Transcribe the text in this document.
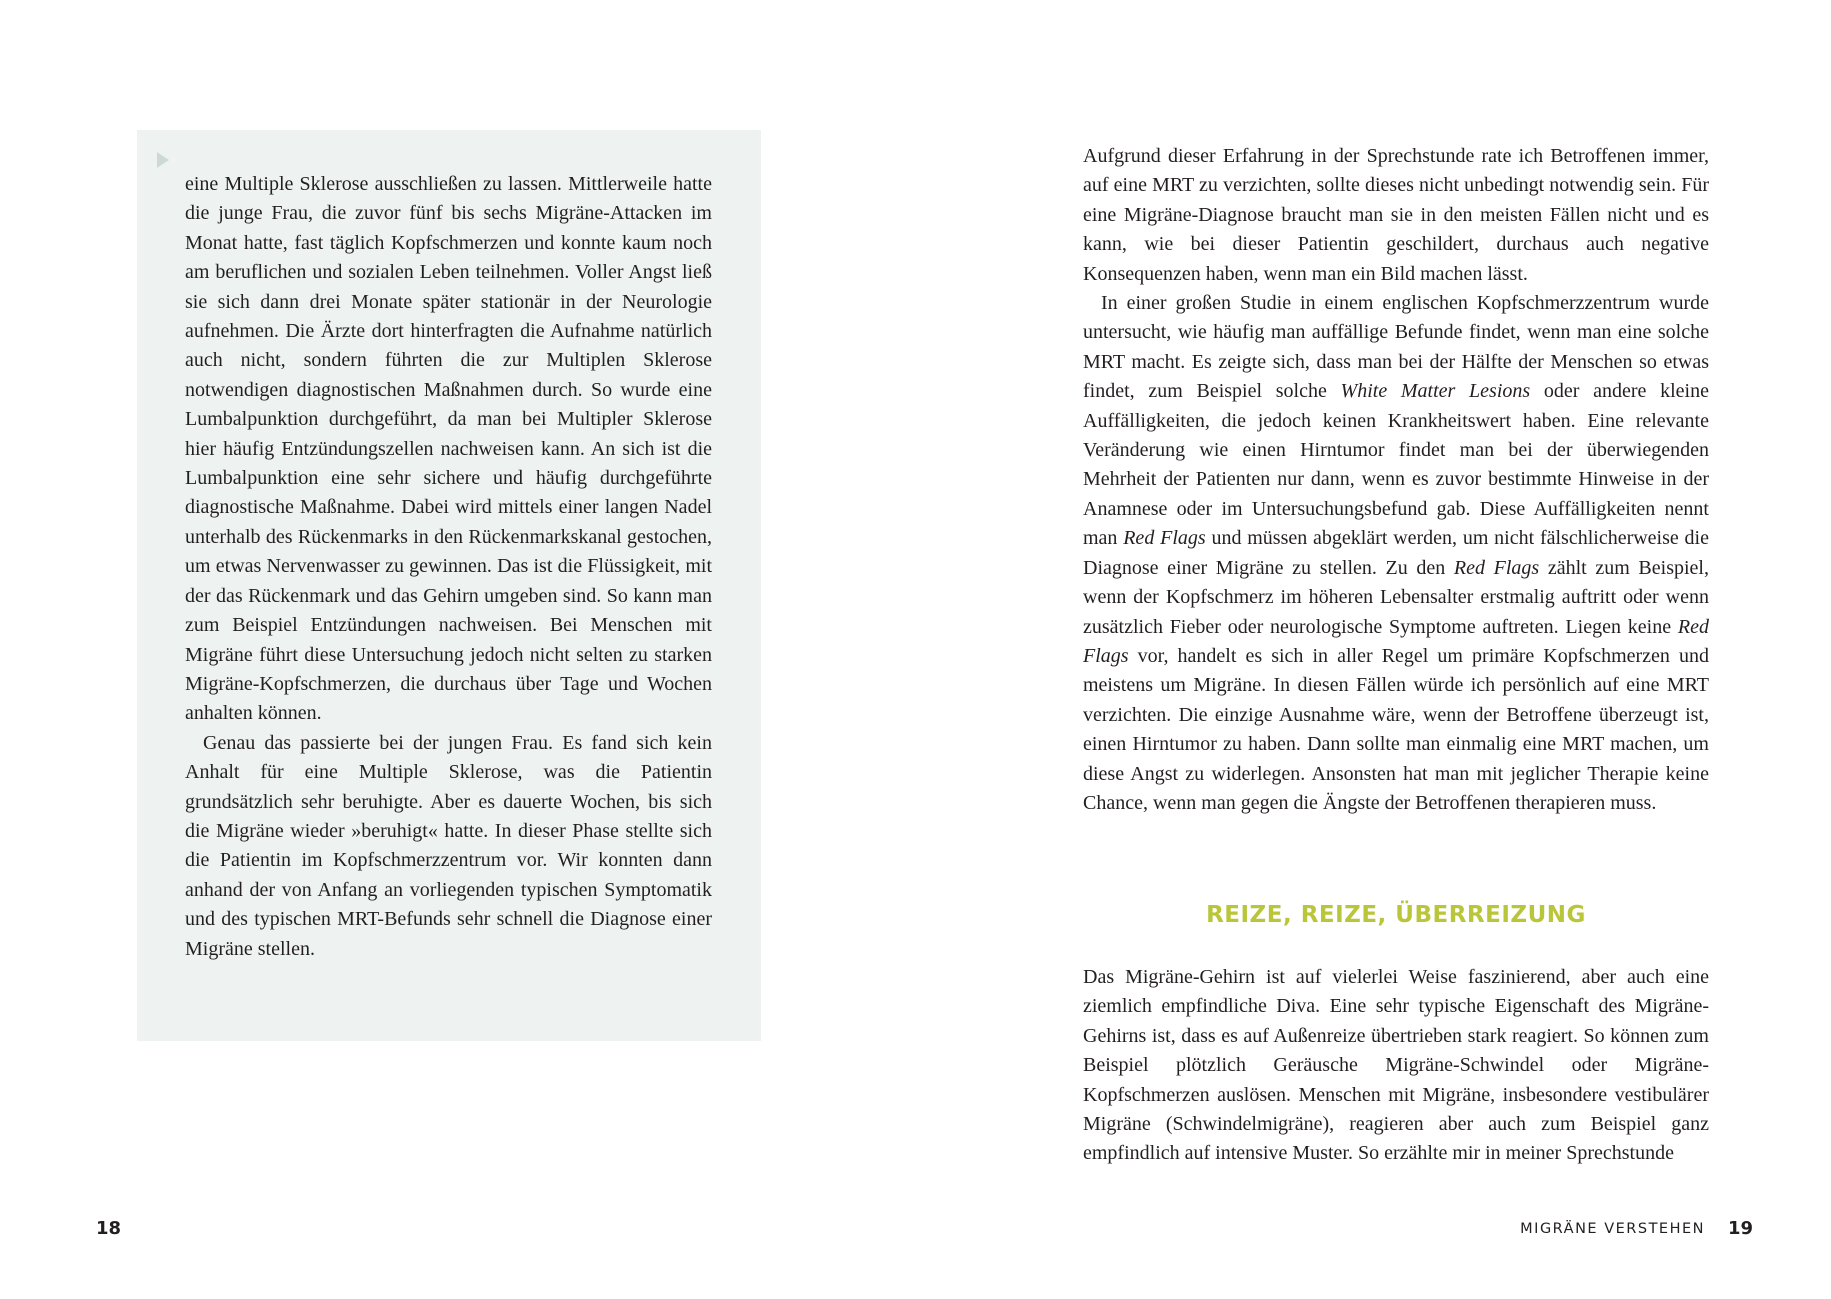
eine Multiple Sklerose ausschließen zu lassen. Mittlerweile hatte die junge Frau, die zuvor fünf bis sechs Migräne-Attacken im Monat hatte, fast täglich Kopfschmerzen und konnte kaum noch am beruflichen und sozialen Leben teilnehmen. Voller Angst ließ sie sich dann drei Monate später stationär in der Neurologie aufnehmen. Die Ärzte dort hinterfragten die Aufnahme natürlich auch nicht, sondern führten die zur Multiplen Sklerose notwendigen diagnostischen Maßnahmen durch. So wurde eine Lumbalpunktion durchgeführt, da man bei Multipler Sklerose hier häufig Entzündungszellen nachweisen kann. An sich ist die Lumbalpunktion eine sehr sichere und häufig durchgeführte diagnostische Maßnahme. Dabei wird mittels einer langen Nadel unterhalb des Rückenmarks in den Rückenmarkskanal gestochen, um etwas Nervenwasser zu gewinnen. Das ist die Flüssigkeit, mit der das Rückenmark und das Gehirn umgeben sind. So kann man zum Beispiel Entzündungen nachweisen. Bei Menschen mit Migräne führt diese Untersuchung jedoch nicht selten zu starken Migräne-Kopfschmerzen, die durchaus über Tage und Wochen anhalten können.

Genau das passierte bei der jungen Frau. Es fand sich kein Anhalt für eine Multiple Sklerose, was die Patientin grundsätzlich sehr beruhigte. Aber es dauerte Wochen, bis sich die Migräne wieder »beruhigt« hatte. In dieser Phase stellte sich die Patientin im Kopfschmerzzentrum vor. Wir konnten dann anhand der von Anfang an vorliegenden typischen Symptomatik und des typischen MRT-Befunds sehr schnell die Diagnose einer Migräne stellen.

18

Aufgrund dieser Erfahrung in der Sprechstunde rate ich Betroffenen immer, auf eine MRT zu verzichten, sollte dieses nicht unbedingt notwendig sein. Für eine Migräne-Diagnose braucht man sie in den meisten Fällen nicht und es kann, wie bei dieser Patientin geschildert, durchaus auch negative Konsequenzen haben, wenn man ein Bild machen lässt.

In einer großen Studie in einem englischen Kopfschmerzzentrum wurde untersucht, wie häufig man auffällige Befunde findet, wenn man eine solche MRT macht. Es zeigte sich, dass man bei der Hälfte der Menschen so etwas findet, zum Beispiel solche White Matter Lesions oder andere kleine Auffälligkeiten, die jedoch keinen Krankheitswert haben. Eine relevante Veränderung wie einen Hirntumor findet man bei der überwiegenden Mehrheit der Patienten nur dann, wenn es zuvor bestimmte Hinweise in der Anamnese oder im Untersuchungsbefund gab. Diese Auffälligkeiten nennt man Red Flags und müssen abgeklärt werden, um nicht fälschlicherweise die Diagnose einer Migräne zu stellen. Zu den Red Flags zählt zum Beispiel, wenn der Kopfschmerz im höheren Lebensalter erstmalig auftritt oder wenn zusätzlich Fieber oder neurologische Symptome auftreten. Liegen keine Red Flags vor, handelt es sich in aller Regel um primäre Kopfschmerzen und meistens um Migräne. In diesen Fällen würde ich persönlich auf eine MRT verzichten. Die einzige Ausnahme wäre, wenn der Betroffene überzeugt ist, einen Hirntumor zu haben. Dann sollte man einmalig eine MRT machen, um diese Angst zu widerlegen. Ansonsten hat man mit jeglicher Therapie keine Chance, wenn man gegen die Ängste der Betroffenen therapieren muss.

REIZE, REIZE, ÜBERREIZUNG

Das Migräne-Gehirn ist auf vielerlei Weise faszinierend, aber auch eine ziemlich empfindliche Diva. Eine sehr typische Eigenschaft des Migräne-Gehirns ist, dass es auf Außenreize übertrieben stark reagiert. So können zum Beispiel plötzlich Geräusche Migräne-Schwindel oder Migräne-Kopfschmerzen auslösen. Menschen mit Migräne, insbesondere vestibulärer Migräne (Schwindelmigräne), reagieren aber auch zum Beispiel ganz empfindlich auf intensive Muster. So erzählte mir in meiner Sprechstunde

MIGRÄNE VERSTEHEN 19
